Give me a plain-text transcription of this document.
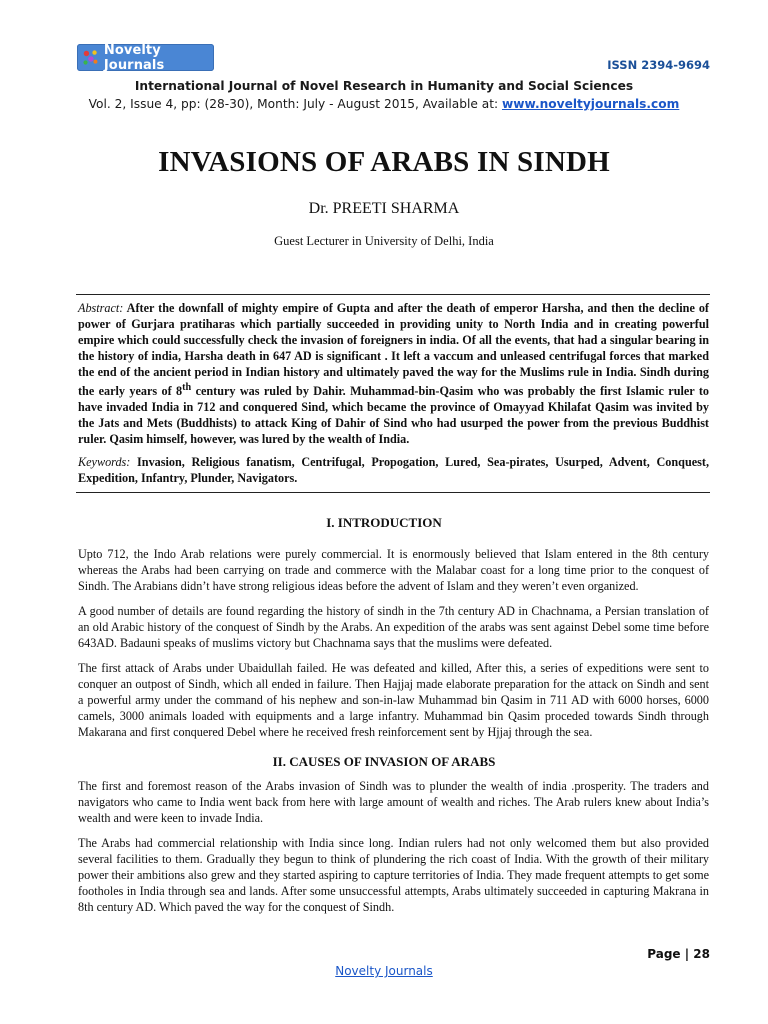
Novelty Journals	ISSN 2394-9694
International Journal of Novel Research in Humanity and Social Sciences
Vol. 2, Issue 4, pp: (28-30), Month: July - August 2015, Available at: www.noveltyjournals.com
INVASIONS OF ARABS IN SINDH
Dr. PREETI SHARMA
Guest Lecturer in University of Delhi, India

Abstract: After the downfall of mighty empire of Gupta and after the death of emperor Harsha, and then the decline of power of Gurjara pratiharas which partially succeeded in providing unity to North India and in creating powerful empire which could successfully check the invasion of foreigners in india. Of all the events, that had a singular bearing in the history of india, Harsha death in 647 AD is significant . It left a vaccum and unleased centrifugal forces that marked the end of the ancient period in Indian history and ultimately paved the way for the Muslims rule in India. Sindh during the early years of 8th century was ruled by Dahir. Muhammad-bin-Qasim who was probably the first Islamic ruler to have invaded India in 712 and conquered Sind, which became the province of Omayyad Khilafat Qasim was invited by the Jats and Mets (Buddhists) to attack King of Dahir of Sind who had usurped the power from the previous Buddhist ruler. Qasim himself, however, was lured by the wealth of India.

Keywords: Invasion, Religious fanatism, Centrifugal, Propogation, Lured, Sea-pirates, Usurped, Advent, Conquest, Expedition, Infantry, Plunder, Navigators.

I. INTRODUCTION

Upto 712, the Indo Arab relations were purely commercial. It is enormously believed that Islam entered in the 8th century whereas the Arabs had been carrying on trade and commerce with the Malabar coast for a long time prior to the conquest of Sindh. The Arabians didn’t have strong religious ideas before the advent of Islam and they weren’t even organized.

A good number of details are found regarding the history of sindh in the 7th century AD in Chachnama, a Persian translation of an old Arabic history of the conquest of Sindh by the Arabs. An expedition of the arabs was sent against Debel some time before 643AD. Badauni speaks of muslims victory but Chachnama says that the muslims were defeated.

The first attack of Arabs under Ubaidullah failed. He was defeated and killed, After this, a series of expeditions were sent to conquer an outpost of Sindh, which all ended in failure. Then Hajjaj made elaborate preparation for the attack on Sindh and sent a powerful army under the command of his nephew and son-in-law Muhammad bin Qasim in 711 AD with 6000 horses, 6000 camels, 3000 animals loaded with equipments and a large infantry. Muhammad bin Qasim proceded towards Sindh through Makarana and first conquered Debel where he received fresh reinforcement sent by Hjjaj through the sea.

II. CAUSES OF INVASION OF ARABS

The first and foremost reason of the Arabs invasion of Sindh was to plunder the wealth of india .prosperity. The traders and navigators who came to India went back from here with large amount of wealth and riches. The Arab rulers knew about India’s wealth and were keen to invade India.

The Arabs had commercial relationship with India since long. Indian rulers had not only welcomed them but also provided several facilities to them. Gradually they begun to think of plundering the rich coast of India. With the growth of their military power their ambitions also grew and they started aspiring to capture territories of India. They made frequent attempts to get some footholes in India through sea and lands. After some unsuccessful attempts, Arabs ultimately succeeded in capturing Makrana in 8th century AD. Which paved the way for the conquest of Sindh.

Page | 28
Novelty Journals
